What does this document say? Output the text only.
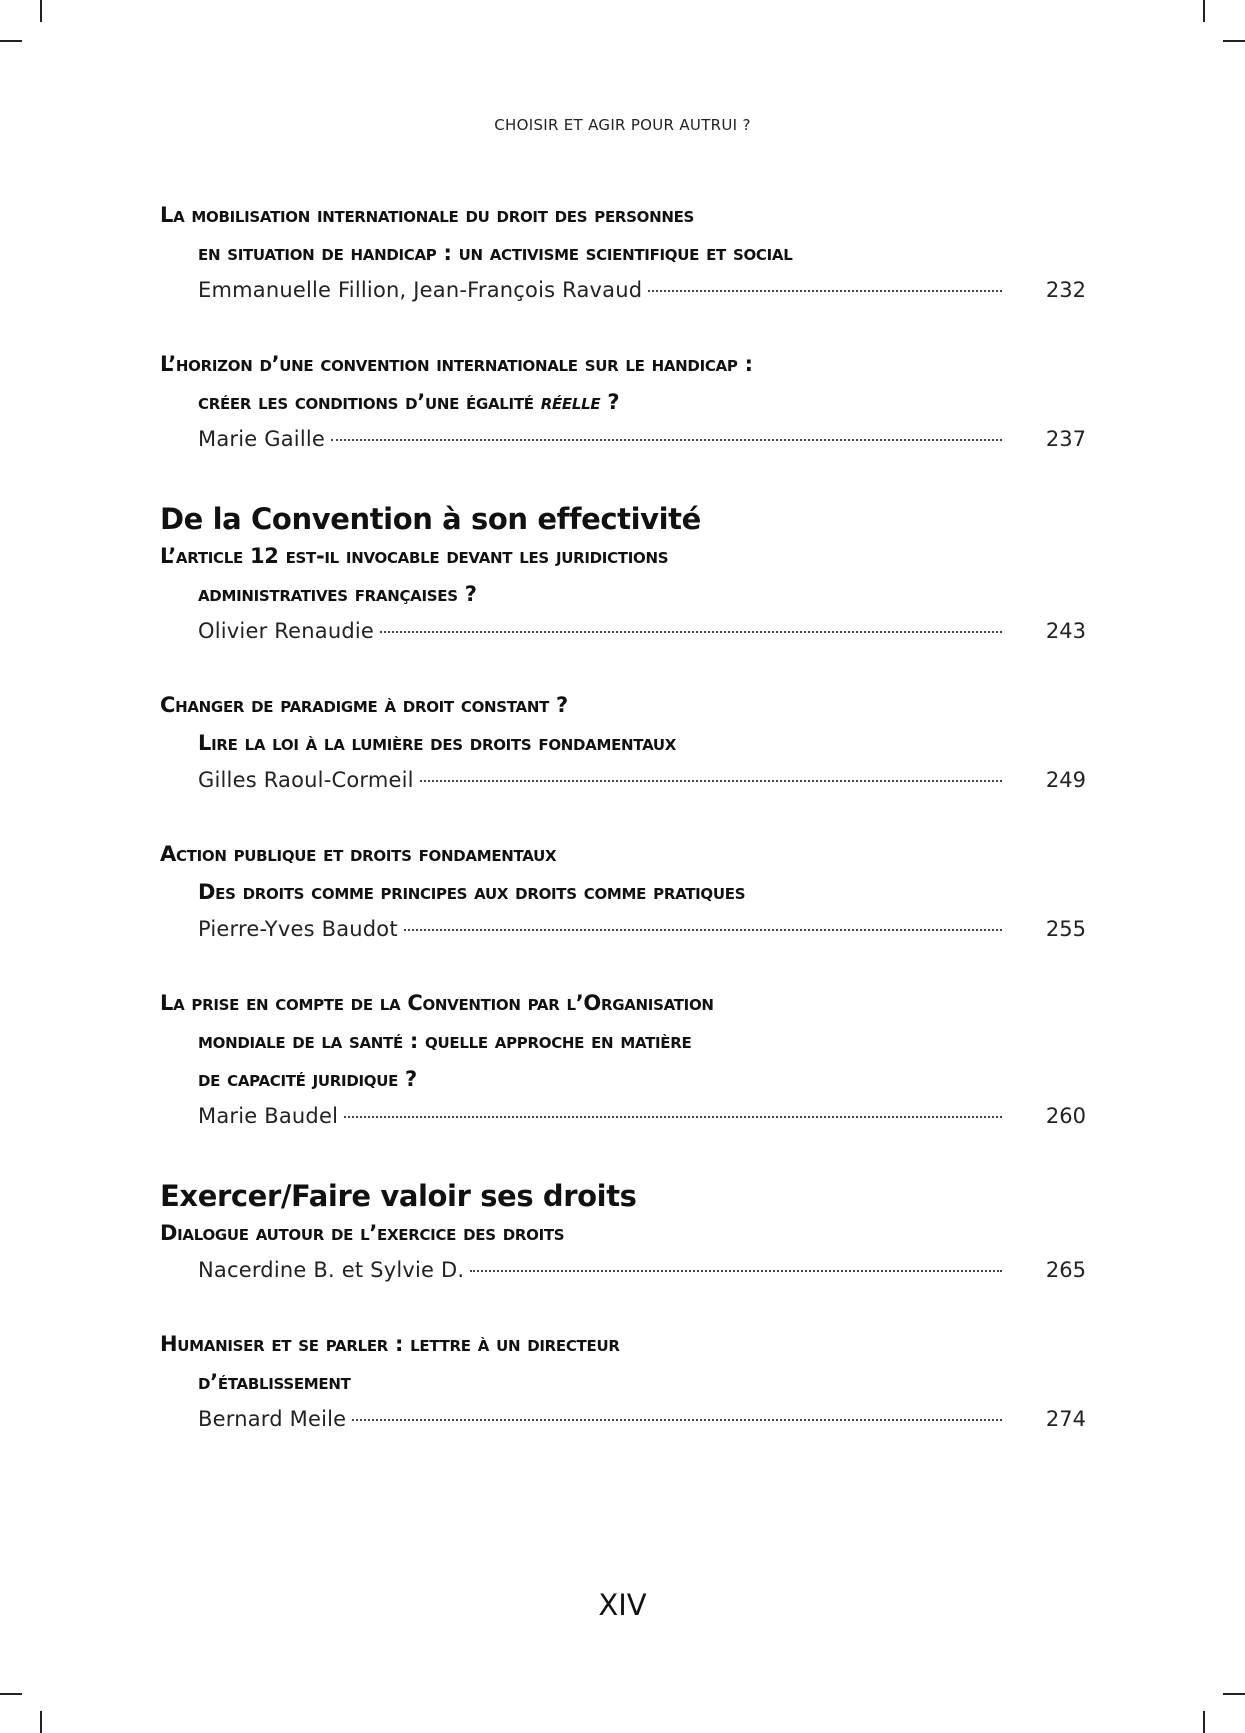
CHOISIR ET AGIR POUR AUTRUI ?
La mobilisation internationale du droit des personnes
en situation de handicap : un activisme scientifique et social
Emmanuelle Fillion, Jean-François Ravaud	232
L’horizon d’une convention internationale sur le handicap :
créer les conditions d’une égalité réelle ?
Marie Gaille	237
De la Convention à son effectivité
L’article 12 est-il invocable devant les juridictions
administratives françaises ?
Olivier Renaudie	243
Changer de paradigme à droit constant ?
Lire la loi à la lumière des droits fondamentaux
Gilles Raoul-Cormeil	249
Action publique et droits fondamentaux
Des droits comme principes aux droits comme pratiques
Pierre-Yves Baudot	255
La prise en compte de la Convention par l’Organisation
mondiale de la santé : quelle approche en matière
de capacité juridique ?
Marie Baudel	260
Exercer/Faire valoir ses droits
Dialogue autour de l’exercice des droits
Nacerdine B. et Sylvie D.	265
Humaniser et se parler : lettre à un directeur
d’établissement
Bernard Meile	274
XIV
